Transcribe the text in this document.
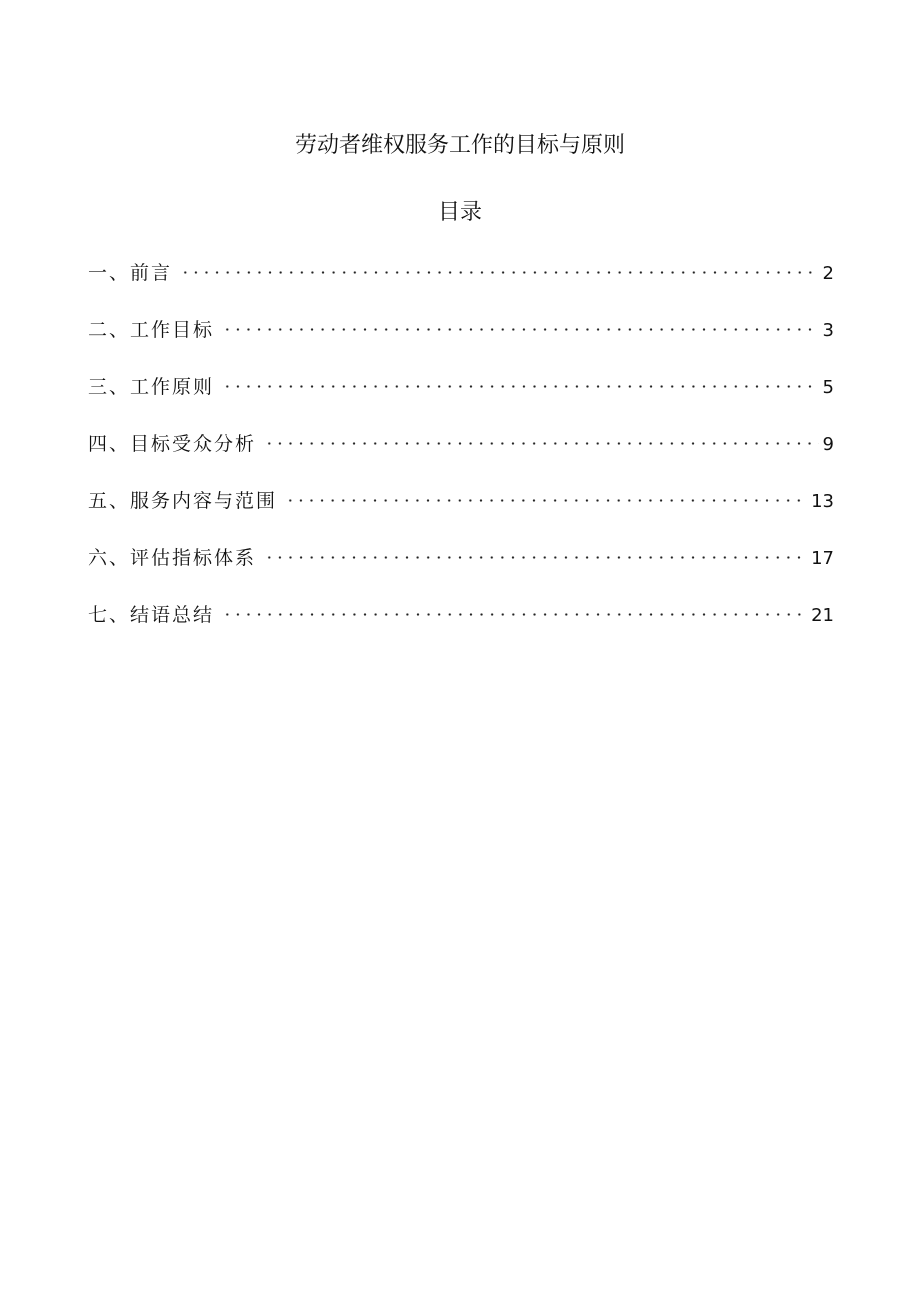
劳动者维权服务工作的目标与原则
目录
一、前言	2
二、工作目标	3
三、工作原则	5
四、目标受众分析	9
五、服务内容与范围	13
六、评估指标体系	17
七、结语总结	21
